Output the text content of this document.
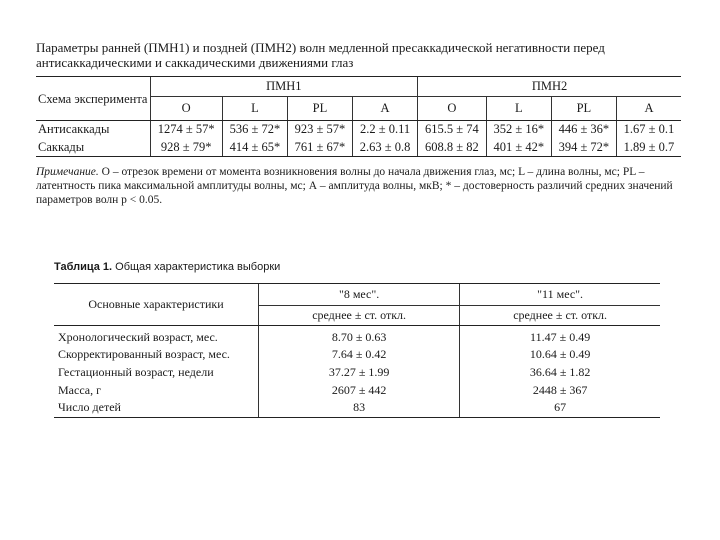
Параметры ранней (ПМН1) и поздней (ПМН2) волн медленной пресаккадической негативности перед антисаккадическими и саккадическими движениями глаз
Схема эксперимента	ПМН1				ПМН2			
	О	L	PL	A	О	L	PL	A
Антисаккады	1274 ± 57*	536 ± 72*	923 ± 57*	2.2 ± 0.11	615.5 ± 74	352 ± 16*	446 ± 36*	1.67 ± 0.1
Саккады	928 ± 79*	414 ± 65*	761 ± 67*	2.63 ± 0.8	608.8 ± 82	401 ± 42*	394 ± 72*	1.89 ± 0.7
Примечание. О – отрезок времени от момента возникновения волны до начала движения глаз, мс; L – длина волны, мс; PL – латентность пика максимальной амплитуды волны, мс; А – амплитуда волны, мкВ; * – достоверность различий средних значений параметров волн p < 0.05.
Таблица 1. Общая характеристика выборки
Основные характеристики	"8 мес".	"11 мес".
	среднее ± ст. откл.	среднее ± ст. откл.
Хронологический возраст, мес.	8.70 ± 0.63	11.47 ± 0.49
Скорректированный возраст, мес.	7.64 ± 0.42	10.64 ± 0.49
Гестационный возраст, недели	37.27 ± 1.99	36.64 ± 1.82
Масса, г	2607 ± 442	2448 ± 367
Число детей	83	67
